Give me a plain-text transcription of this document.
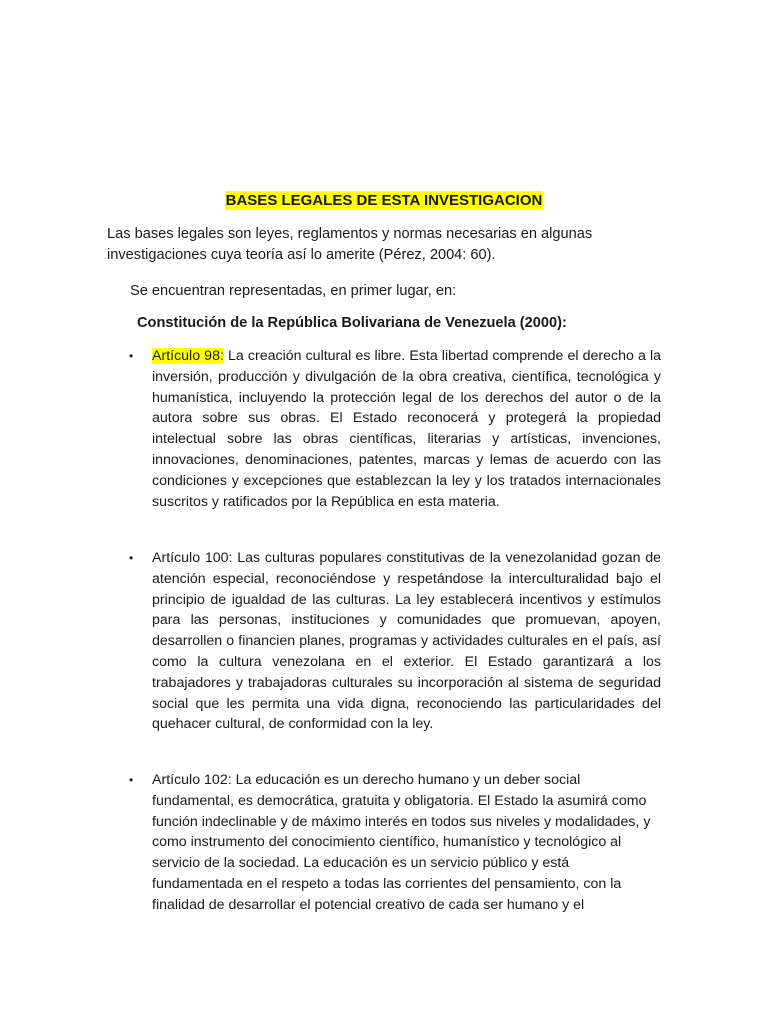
BASES LEGALES DE ESTA INVESTIGACION
Las bases legales son leyes, reglamentos y normas necesarias en algunas investigaciones cuya teoría así lo amerite (Pérez, 2004: 60).
Se encuentran representadas, en primer lugar, en:
Constitución de la República Bolivariana de Venezuela (2000):
• Artículo 98: La creación cultural es libre. Esta libertad comprende el derecho a la inversión, producción y divulgación de la obra creativa, científica, tecnológica y humanística, incluyendo la protección legal de los derechos del autor o de la autora sobre sus obras. El Estado reconocerá y protegerá la propiedad intelectual sobre las obras científicas, literarias y artísticas, invenciones, innovaciones, denominaciones, patentes, marcas y lemas de acuerdo con las condiciones y excepciones que establezcan la ley y los tratados internacionales suscritos y ratificados por la República en esta materia.
• Artículo 100: Las culturas populares constitutivas de la venezolanidad gozan de atención especial, reconociéndose y respetándose la interculturalidad bajo el principio de igualdad de las culturas. La ley establecerá incentivos y estímulos para las personas, instituciones y comunidades que promuevan, apoyen, desarrollen o financien planes, programas y actividades culturales en el país, así como la cultura venezolana en el exterior. El Estado garantizará a los trabajadores y trabajadoras culturales su incorporación al sistema de seguridad social que les permita una vida digna, reconociendo las particularidades del quehacer cultural, de conformidad con la ley.
• Artículo 102: La educación es un derecho humano y un deber social fundamental, es democrática, gratuita y obligatoria. El Estado la asumirá como función indeclinable y de máximo interés en todos sus niveles y modalidades, y como instrumento del conocimiento científico, humanístico y tecnológico al servicio de la sociedad. La educación es un servicio público y está fundamentada en el respeto a todas las corrientes del pensamiento, con la finalidad de desarrollar el potencial creativo de cada ser humano y el
